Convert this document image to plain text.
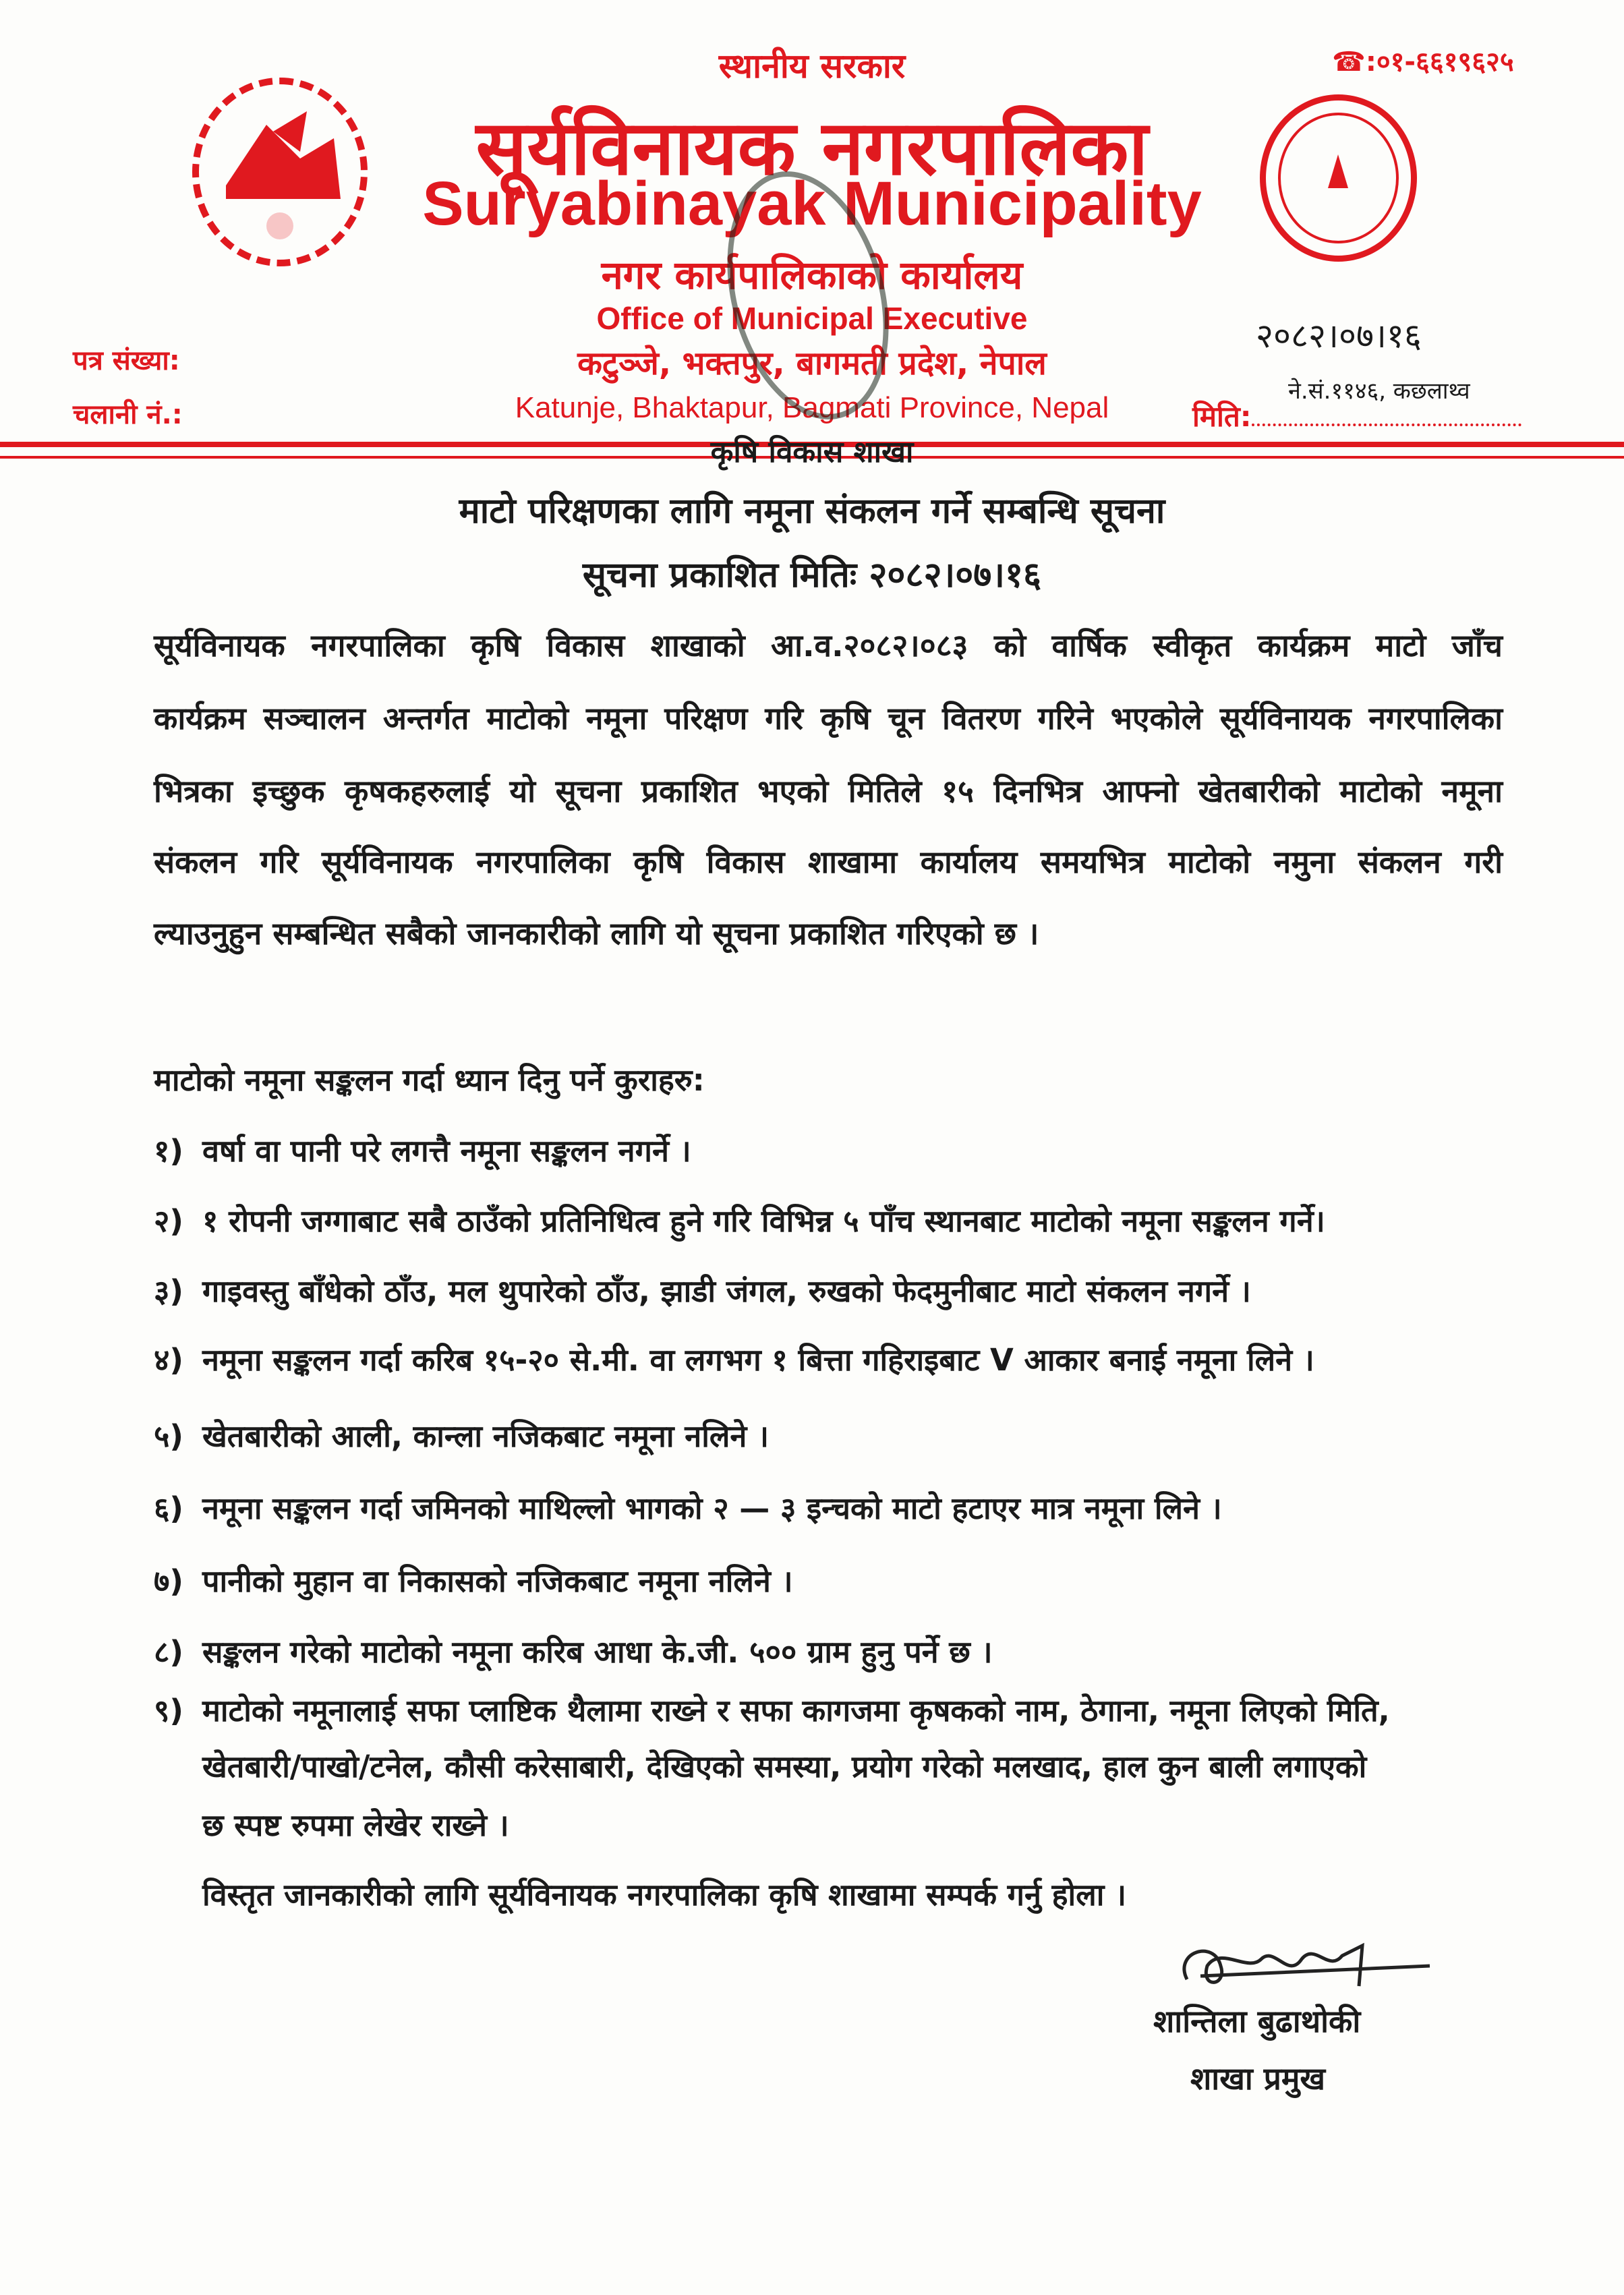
स्थानीय सरकार	☎:०१-६६१९६२५
सूर्यविनायक नगरपालिका
Suryabinayak Municipality
नगर कार्यपालिकाको कार्यालय
Office of Municipal Executive
कटुञ्जे, भक्तपुर, बागमती प्रदेश, नेपाल
Katunje, Bhaktapur, Bagmati Province, Nepal
पत्र संख्या:
चलानी नं.:
२०८२।०७।१६
ने.सं.११४६, कछलाथ्व
मिति:
कृषि विकास शाखा
माटो परिक्षणका लागि नमूना संकलन गर्ने सम्बन्धि सूचना
सूचना प्रकाशित मितिः २०८२।०७।१६
सूर्यविनायक नगरपालिका कृषि विकास शाखाको आ.व.२०८२।०८३ को वार्षिक स्वीकृत कार्यक्रम माटो जाँच
कार्यक्रम सञ्चालन अन्तर्गत माटोको नमूना परिक्षण गरि कृषि चून वितरण गरिने भएकोले सूर्यविनायक नगरपालिका
भित्रका इच्छुक कृषकहरुलाई यो सूचना प्रकाशित भएको मितिले १५ दिनभित्र आफ्नो खेतबारीको माटोको नमूना
संकलन गरि सूर्यविनायक नगरपालिका कृषि विकास शाखामा कार्यालय समयभित्र माटोको नमुना संकलन गरी
ल्याउनुहुन सम्बन्धित सबैको जानकारीको लागि यो सूचना प्रकाशित गरिएको छ ।
माटोको नमूना सङ्कलन गर्दा ध्यान दिनु पर्ने कुराहरु:
१) वर्षा वा पानी परे लगत्तै नमूना सङ्कलन नगर्ने ।
२) १ रोपनी जग्गाबाट सबै ठाउँको प्रतिनिधित्व हुने गरि विभिन्न ५ पाँच स्थानबाट माटोको नमूना सङ्कलन गर्ने।
३) गाइवस्तु बाँधेको ठाँउ, मल थुपारेको ठाँउ, झाडी जंगल, रुखको फेदमुनीबाट माटो संकलन नगर्ने ।
४) नमूना सङ्कलन गर्दा करिब १५-२० से.मी. वा लगभग १ बित्ता गहिराइबाट V आकार बनाई नमूना लिने ।
५) खेतबारीको आली, कान्ला नजिकबाट नमूना नलिने ।
६) नमूना सङ्कलन गर्दा जमिनको माथिल्लो भागको २ — ३ इन्चको माटो हटाएर मात्र नमूना लिने ।
७) पानीको मुहान वा निकासको नजिकबाट नमूना नलिने ।
८) सङ्कलन गरेको माटोको नमूना करिब आधा के.जी. ५०० ग्राम हुनु पर्ने छ ।
९) माटोको नमूनालाई सफा प्लाष्टिक थैलामा राख्ने र सफा कागजमा कृषकको नाम, ठेगाना, नमूना लिएको मिति,
खेतबारी/पाखो/टनेल, कौसी करेसाबारी, देखिएको समस्या, प्रयोग गरेको मलखाद, हाल कुन बाली लगाएको
छ स्पष्ट रुपमा लेखेर राख्ने ।
विस्तृत जानकारीको लागि सूर्यविनायक नगरपालिका कृषि शाखामा सम्पर्क गर्नु होला ।
शान्तिला बुढाथोकी
शाखा प्रमुख
